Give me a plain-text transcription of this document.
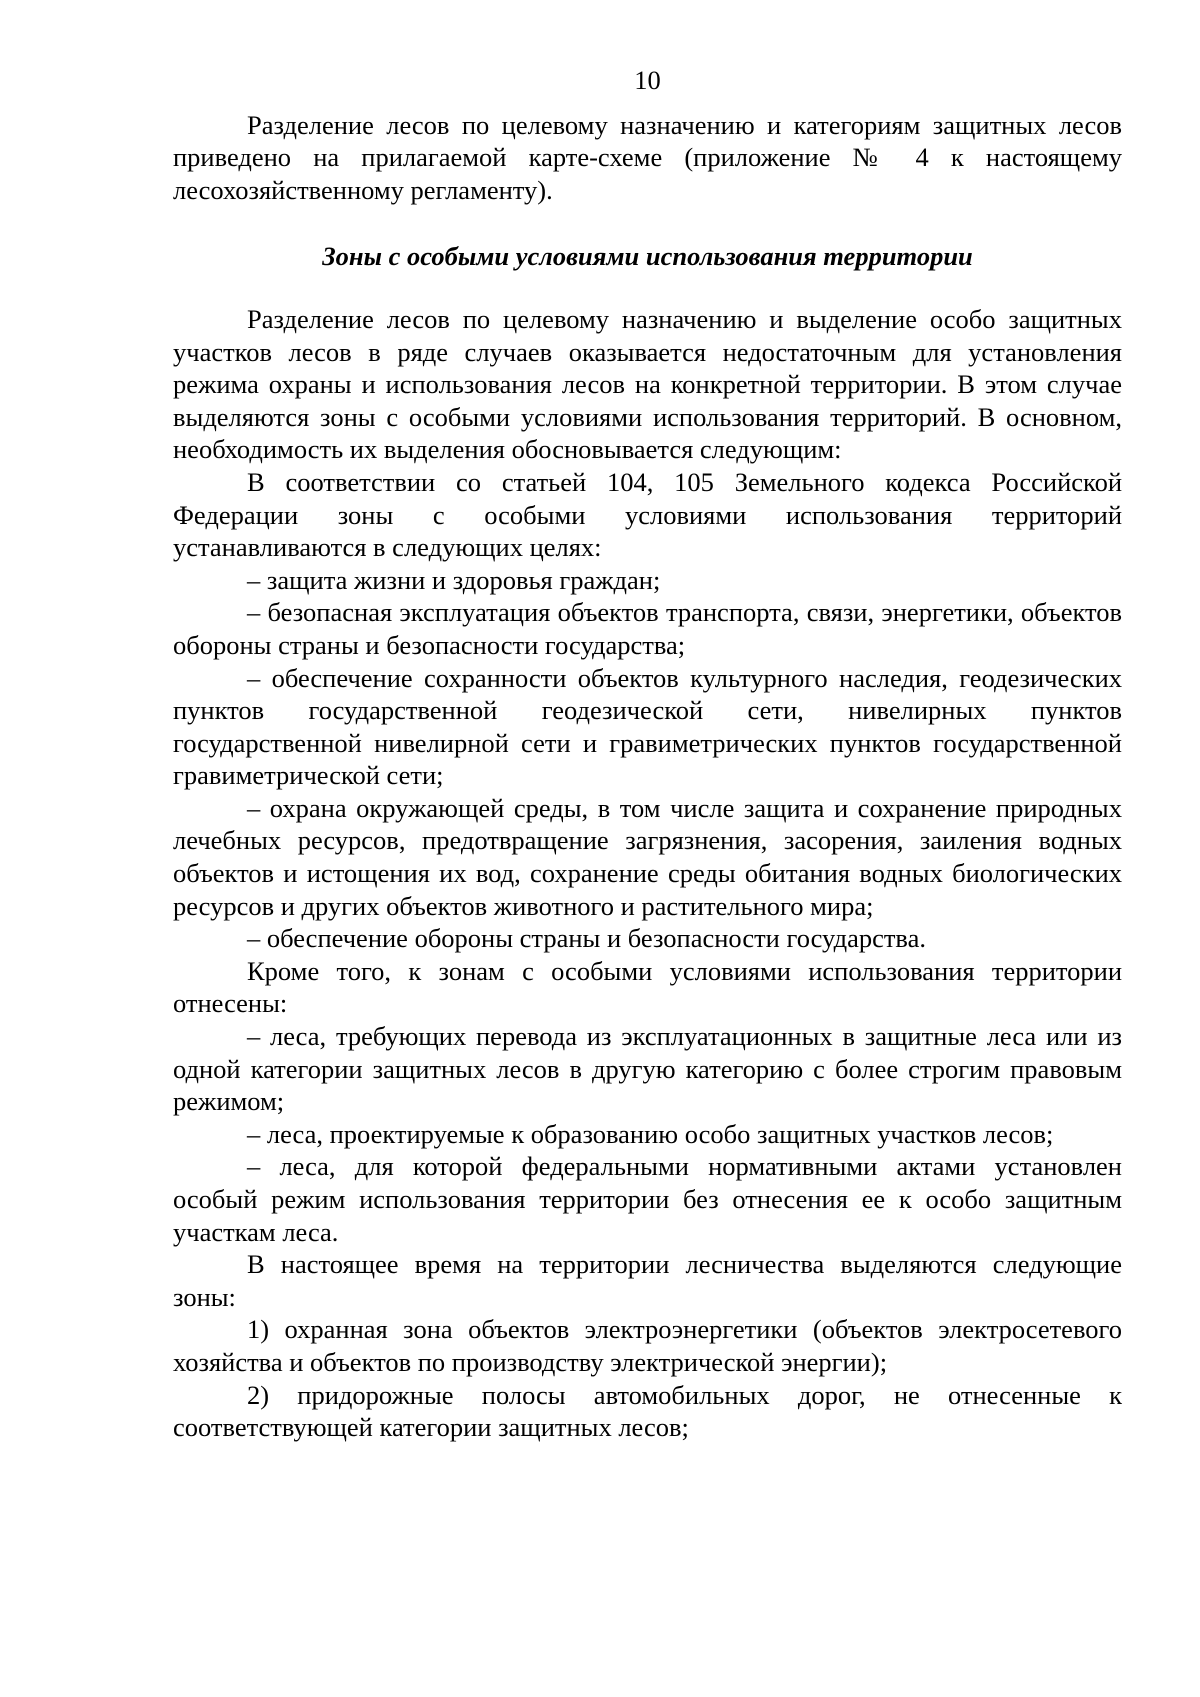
10

Разделение лесов по целевому назначению и категориям защитных лесов приведено на прилагаемой карте-схеме (приложение № 4 к настоящему лесохозяйственному регламенту).

Зоны с особыми условиями использования территории

Разделение лесов по целевому назначению и выделение особо защитных участков лесов в ряде случаев оказывается недостаточным для установления режима охраны и использования лесов на конкретной территории. В этом случае выделяются зоны с особыми условиями использования территорий. В основном, необходимость их выделения обосновывается следующим:

В соответствии со статьей 104, 105 Земельного кодекса Российской Федерации зоны с особыми условиями использования территорий устанавливаются в следующих целях:

– защита жизни и здоровья граждан;

– безопасная эксплуатация объектов транспорта, связи, энергетики, объектов обороны страны и безопасности государства;

– обеспечение сохранности объектов культурного наследия, геодезических пунктов государственной геодезической сети, нивелирных пунктов государственной нивелирной сети и гравиметрических пунктов государственной гравиметрической сети;

– охрана окружающей среды, в том числе защита и сохранение природных лечебных ресурсов, предотвращение загрязнения, засорения, заиления водных объектов и истощения их вод, сохранение среды обитания водных биологических ресурсов и других объектов животного и растительного мира;

– обеспечение обороны страны и безопасности государства.

Кроме того, к зонам с особыми условиями использования территории отнесены:

– леса, требующих перевода из эксплуатационных в защитные леса или из одной категории защитных лесов в другую категорию с более строгим правовым режимом;

– леса, проектируемые к образованию особо защитных участков лесов;

– леса, для которой федеральными нормативными актами установлен особый режим использования территории без отнесения ее к особо защитным участкам леса.

В настоящее время на территории лесничества выделяются следующие зоны:

1) охранная зона объектов электроэнергетики (объектов электросетевого хозяйства и объектов по производству электрической энергии);

2) придорожные полосы автомобильных дорог, не отнесенные к соответствующей категории защитных лесов;
